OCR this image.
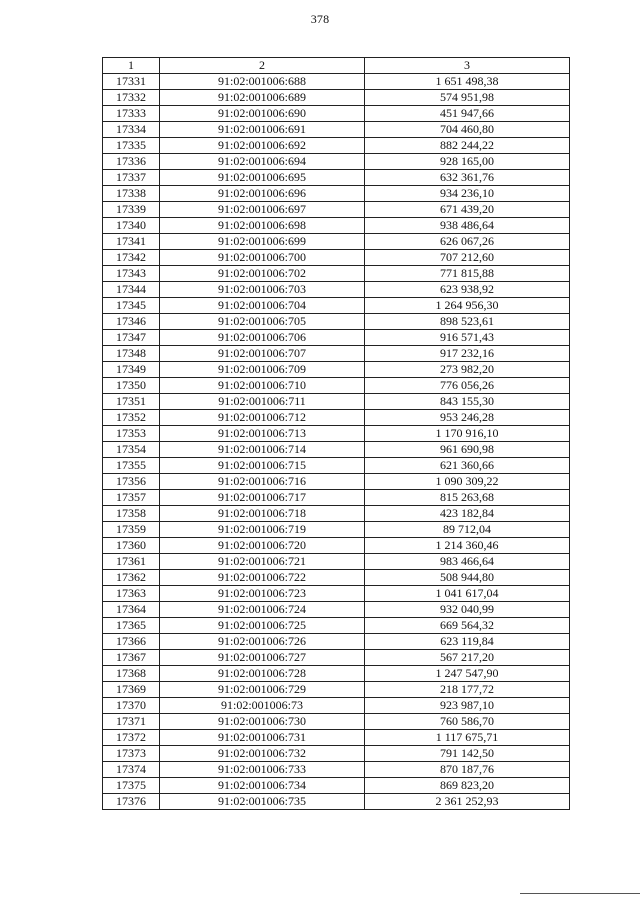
378
1	2	3
17331	91:02:001006:688	1 651 498,38
17332	91:02:001006:689	574 951,98
17333	91:02:001006:690	451 947,66
17334	91:02:001006:691	704 460,80
17335	91:02:001006:692	882 244,22
17336	91:02:001006:694	928 165,00
17337	91:02:001006:695	632 361,76
17338	91:02:001006:696	934 236,10
17339	91:02:001006:697	671 439,20
17340	91:02:001006:698	938 486,64
17341	91:02:001006:699	626 067,26
17342	91:02:001006:700	707 212,60
17343	91:02:001006:702	771 815,88
17344	91:02:001006:703	623 938,92
17345	91:02:001006:704	1 264 956,30
17346	91:02:001006:705	898 523,61
17347	91:02:001006:706	916 571,43
17348	91:02:001006:707	917 232,16
17349	91:02:001006:709	273 982,20
17350	91:02:001006:710	776 056,26
17351	91:02:001006:711	843 155,30
17352	91:02:001006:712	953 246,28
17353	91:02:001006:713	1 170 916,10
17354	91:02:001006:714	961 690,98
17355	91:02:001006:715	621 360,66
17356	91:02:001006:716	1 090 309,22
17357	91:02:001006:717	815 263,68
17358	91:02:001006:718	423 182,84
17359	91:02:001006:719	89 712,04
17360	91:02:001006:720	1 214 360,46
17361	91:02:001006:721	983 466,64
17362	91:02:001006:722	508 944,80
17363	91:02:001006:723	1 041 617,04
17364	91:02:001006:724	932 040,99
17365	91:02:001006:725	669 564,32
17366	91:02:001006:726	623 119,84
17367	91:02:001006:727	567 217,20
17368	91:02:001006:728	1 247 547,90
17369	91:02:001006:729	218 177,72
17370	91:02:001006:73	923 987,10
17371	91:02:001006:730	760 586,70
17372	91:02:001006:731	1 117 675,71
17373	91:02:001006:732	791 142,50
17374	91:02:001006:733	870 187,76
17375	91:02:001006:734	869 823,20
17376	91:02:001006:735	2 361 252,93
